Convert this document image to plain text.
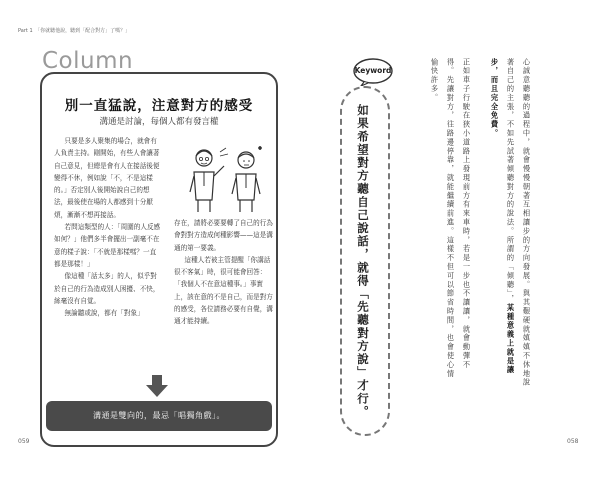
Part 1　「你就聽他說，聽到「配合對方」了嗎？」
Column
別一直猛說，注意對方的感受
溝通是討論，每個人都有發言權

只要是多人聚集的場合，就會有人負責主持。剛開始，有些人會讓著自己意見，但總是會有人在接話後便變得不休，例如說「不，不是這樣的。」否定別人後開始說自己的想法，最後使在場的人都感到十分厭煩，漸漸不想再接話。

若問這類型的人：「周圍的人反感如何？」他們多半會擺出一副毫不在意的樣子說：「不就是那樣嗎？一直都是那樣！」

像這種「話太多」的人，似乎對於自己的行為造成別人困擾、不快，絲毫沒有自覚。

無論聽或說，都有「對象」

存在，請將必要要轉了自己的行為會對對方造成何種影響——這是溝通的第一要義。

這種人若被主管提醒「你講話很不客氣」時，很可能會回答：「我個人不在意這種事。」事實上，該在意的不是自己，而是對方的感受，各位請務必要有自覺，溝通才能持續。

溝通是雙向的，最忌「唱獨角戲」。
059
Keyword
如果希望對方聽自己說話，就得「先聽對方說」才行。	心誠意聽聽的過程中，就會慢慢朝著互相讓步的方向發展。與其艱硬就嫃嫃不休地說
著自己的主張，不如先試著傾聽對方的說法。所謂的「傾聽」，某種意義上就是讓
步，而且完全免費。
正如車子行駛在狹小道路上發現前方有來車時，若是一步也不讓讓，就會動彈不
得。先讓對方，往路邊停靠，就能繼續前進。這樣不但可以節省時間，也會使心情
愉快許多。
058
